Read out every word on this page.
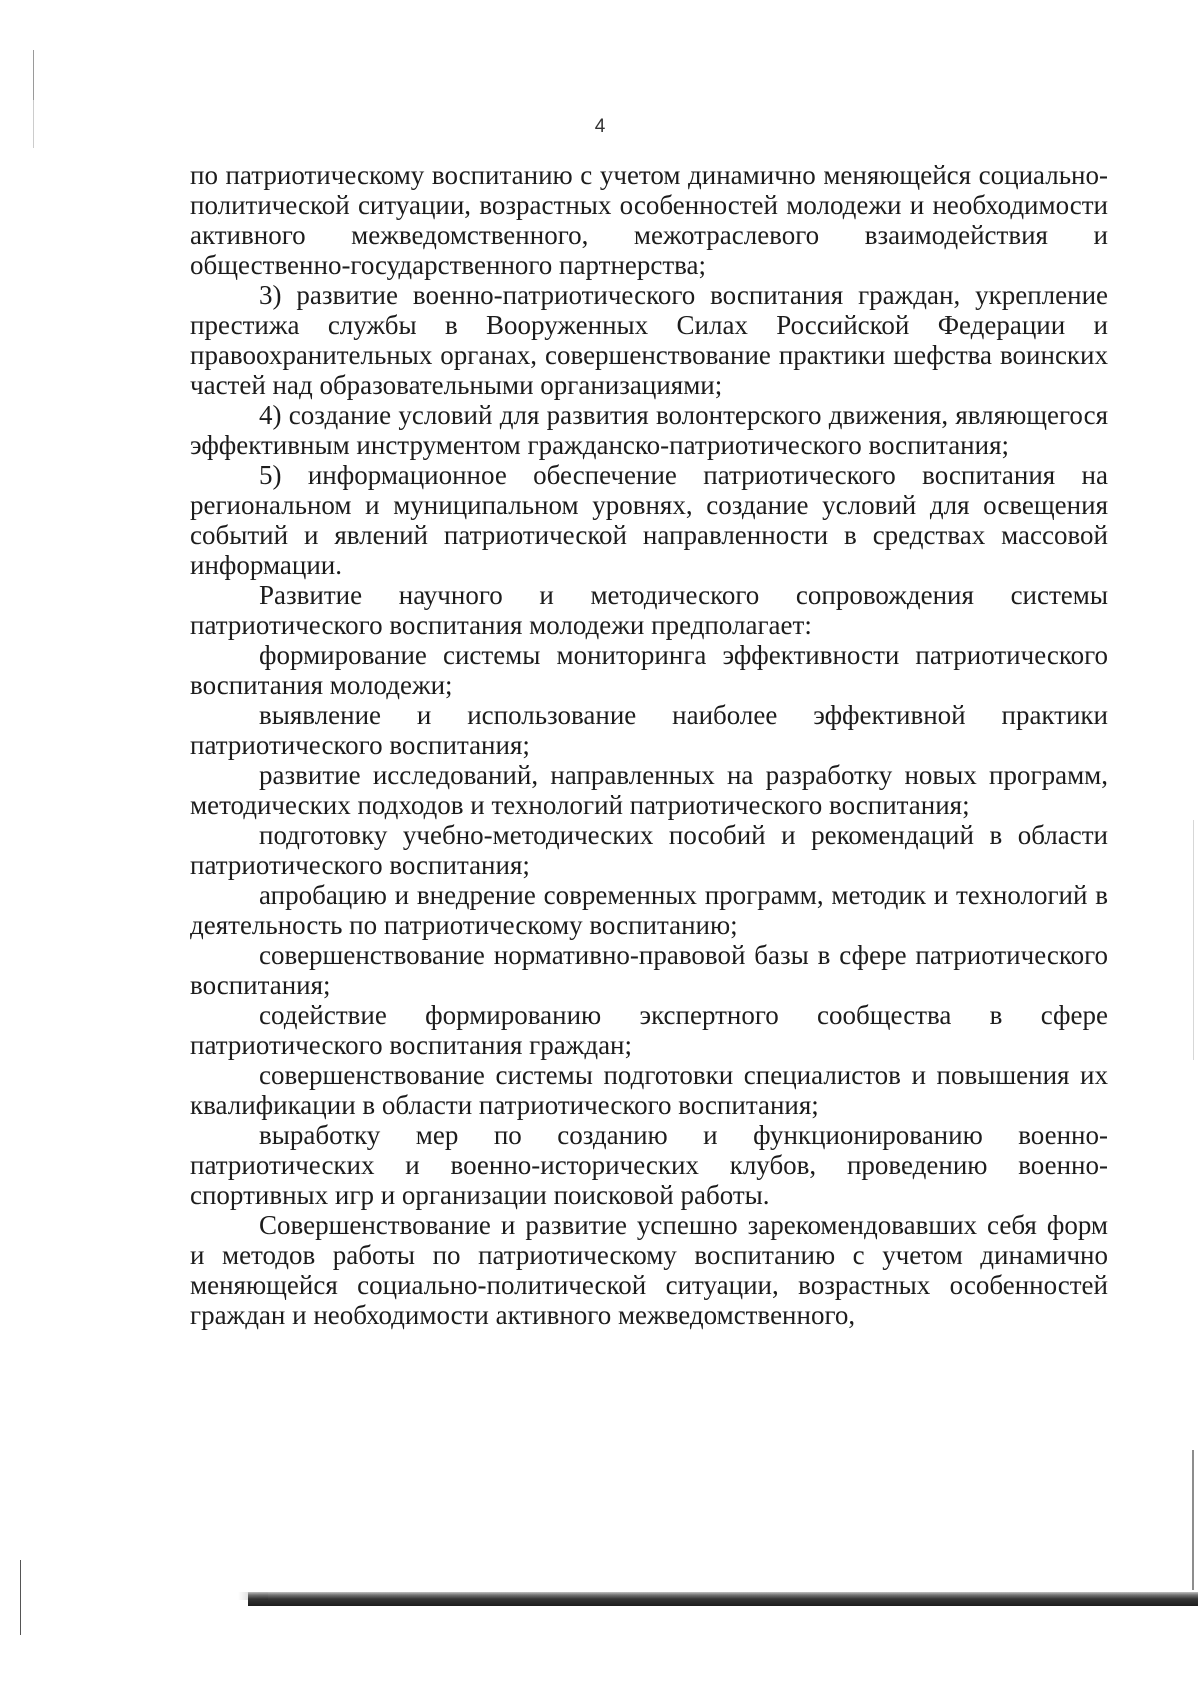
4

по патриотическому воспитанию с учетом динамично меняющейся социально-политической ситуации, возрастных особенностей молодежи и необходимости активного межведомственного, межотраслевого взаимодействия и общественно-государственного партнерства;

3) развитие военно-патриотического воспитания граждан, укрепление престижа службы в Вооруженных Силах Российской Федерации и правоохранительных органах, совершенствование практики шефства воинских частей над образовательными организациями;

4) создание условий для развития волонтерского движения, являющегося эффективным инструментом гражданско-патриотического воспитания;

5) информационное обеспечение патриотического воспитания на региональном и муниципальном уровнях, создание условий для освещения событий и явлений патриотической направленности в средствах массовой информации.

Развитие научного и методического сопровождения системы патриотического воспитания молодежи предполагает:

формирование системы мониторинга эффективности патриотического воспитания молодежи;

выявление и использование наиболее эффективной практики патриотического воспитания;

развитие исследований, направленных на разработку новых программ, методических подходов и технологий патриотического воспитания;

подготовку учебно-методических пособий и рекомендаций в области патриотического воспитания;

апробацию и внедрение современных программ, методик и технологий в деятельность по патриотическому воспитанию;

совершенствование нормативно-правовой базы в сфере патриотического воспитания;

содействие формированию экспертного сообщества в сфере патриотического воспитания граждан;

совершенствование системы подготовки специалистов и повышения их квалификации в области патриотического воспитания;

выработку мер по созданию и функционированию военно-патриотических и военно-исторических клубов, проведению военно-спортивных игр и организации поисковой работы.

Совершенствование и развитие успешно зарекомендовавших себя форм и методов работы по патриотическому воспитанию с учетом динамично меняющейся социально-политической ситуации, возрастных особенностей граждан и необходимости активного межведомственного,
